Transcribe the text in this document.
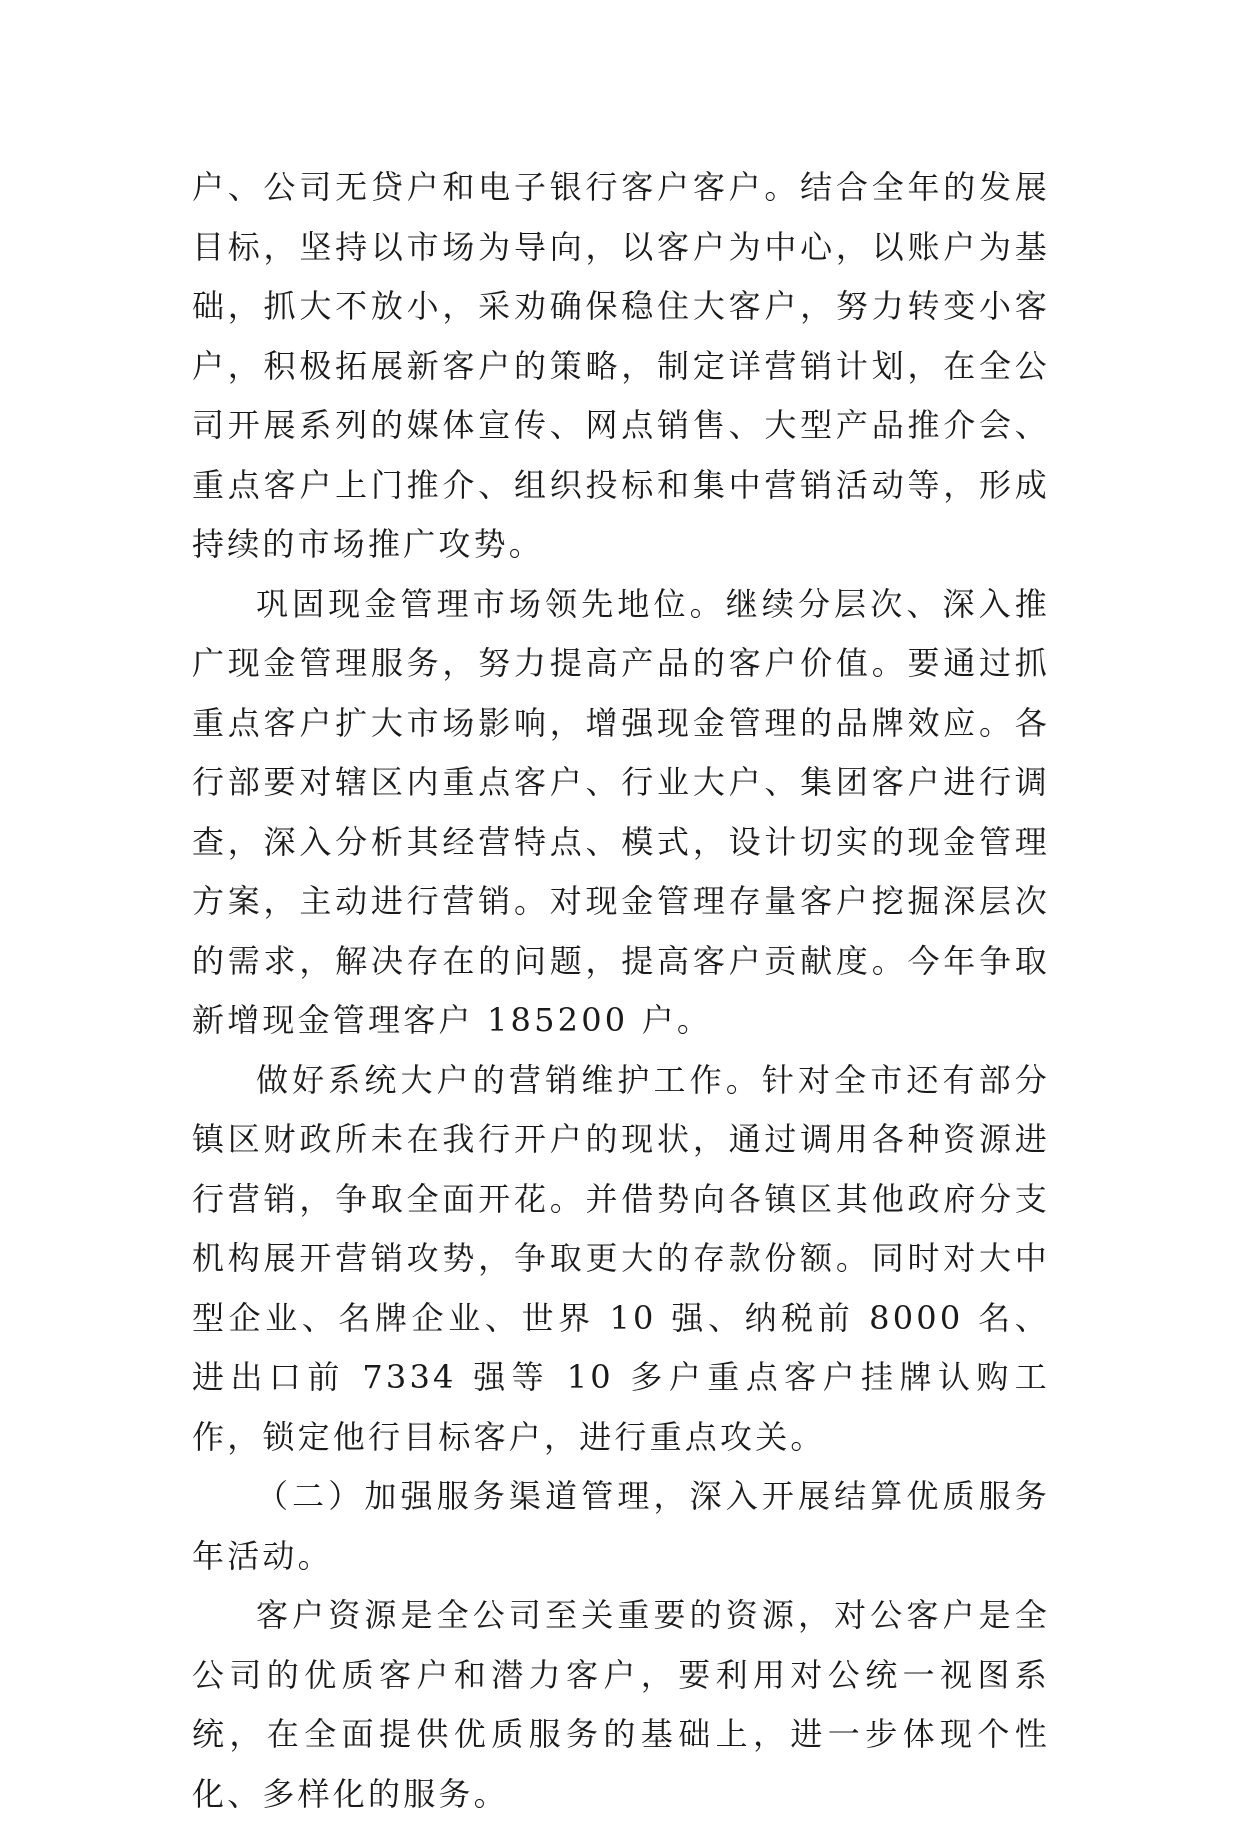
户、公司无贷户和电子银行客户客户。结合全年的发展目标，坚持以市场为导向，以客户为中心，以账户为基础，抓大不放小，采劝确保稳住大客户，努力转变小客户，积极拓展新客户的策略，制定详营销计划，在全公司开展系列的媒体宣传、网点销售、大型产品推介会、重点客户上门推介、组织投标和集中营销活动等，形成持续的市场推广攻势。

巩固现金管理市场领先地位。继续分层次、深入推广现金管理服务，努力提高产品的客户价值。要通过抓重点客户扩大市场影响，增强现金管理的品牌效应。各行部要对辖区内重点客户、行业大户、集团客户进行调查，深入分析其经营特点、模式，设计切实的现金管理方案，主动进行营销。对现金管理存量客户挖掘深层次的需求，解决存在的问题，提高客户贡献度。今年争取新增现金管理客户 185200 户。

做好系统大户的营销维护工作。针对全市还有部分镇区财政所未在我行开户的现状，通过调用各种资源进行营销，争取全面开花。并借势向各镇区其他政府分支机构展开营销攻势，争取更大的存款份额。同时对大中型企业、名牌企业、世界 10 强、纳税前 8000 名、进出口前 7334 强等 10 多户重点客户挂牌认购工作，锁定他行目标客户，进行重点攻关。

（二）加强服务渠道管理，深入开展结算优质服务年活动。

客户资源是全公司至关重要的资源，对公客户是全公司的优质客户和潜力客户，要利用对公统一视图系统，在全面提供优质服务的基础上，进一步体现个性化、多样化的服务。
